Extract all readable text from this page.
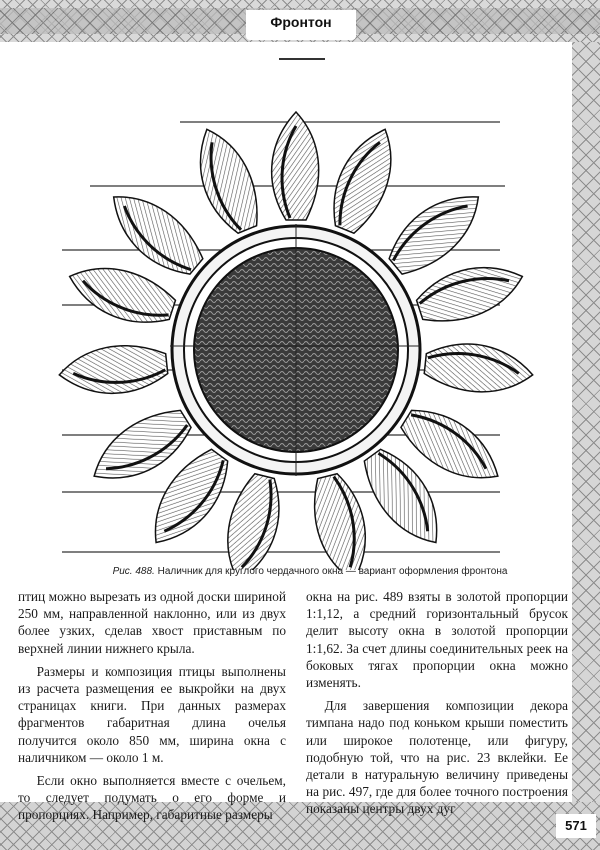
Фронтон
Рис. 488. Наличник для круглого чердачного окна — вариант оформления фронтона

птиц можно вырезать из одной доски шириной 250 мм, направленной наклонно, или из двух более узких, сделав хвост приставным по верхней линии нижнего крыла.

Размеры и композиция птицы выполнены из расчета размещения ее выкройки на двух страницах книги. При данных размерах фрагментов габаритная длина очелья получится около 850 мм, ширина окна с наличником — около 1 м.

Если окно выполняется вместе с очельем, то следует подумать о его форме и пропорциях. Например, габаритные размеры

окна на рис. 489 взяты в золотой пропорции 1:1,12, а средний горизонтальный брусок делит высоту окна в золотой пропорции 1:1,62. За счет длины соединительных реек на боковых тягах пропорции окна можно изменять.

Для завершения композиции декора тимпана надо под коньком крыши поместить или широкое полотенце, или фигуру, подобную той, что на рис. 23 вклейки. Ее детали в натуральную величину приведены на рис. 497, где для более точного построения показаны центры двух дуг

571
